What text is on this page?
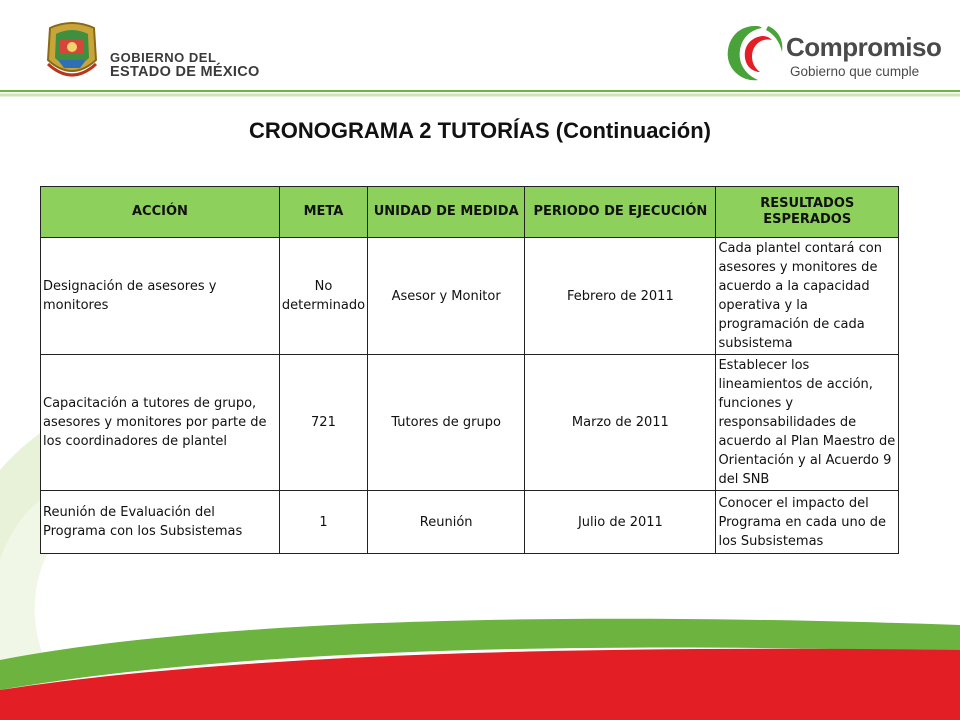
GOBIERNO DEL
ESTADO DE MÉXICO
Compromiso
Gobierno que cumple
CRONOGRAMA 2 TUTORÍAS (Continuación)
ACCIÓN	META	UNIDAD DE MEDIDA	PERIODO DE EJECUCIÓN	RESULTADOS ESPERADOS
Designación de asesores y monitores	No determinado	Asesor y Monitor	Febrero de 2011	Cada plantel contará con asesores y monitores de acuerdo a la capacidad operativa y la programación de cada subsistema
Capacitación a tutores de grupo, asesores y monitores por parte de los coordinadores de plantel	721	Tutores de grupo	Marzo de 2011	Establecer los lineamientos de acción, funciones y responsabilidades de acuerdo al Plan Maestro de Orientación y al Acuerdo 9 del SNB
Reunión de Evaluación del Programa con los Subsistemas	1	Reunión	Julio de 2011	Conocer el impacto del Programa en cada uno de los Subsistemas
